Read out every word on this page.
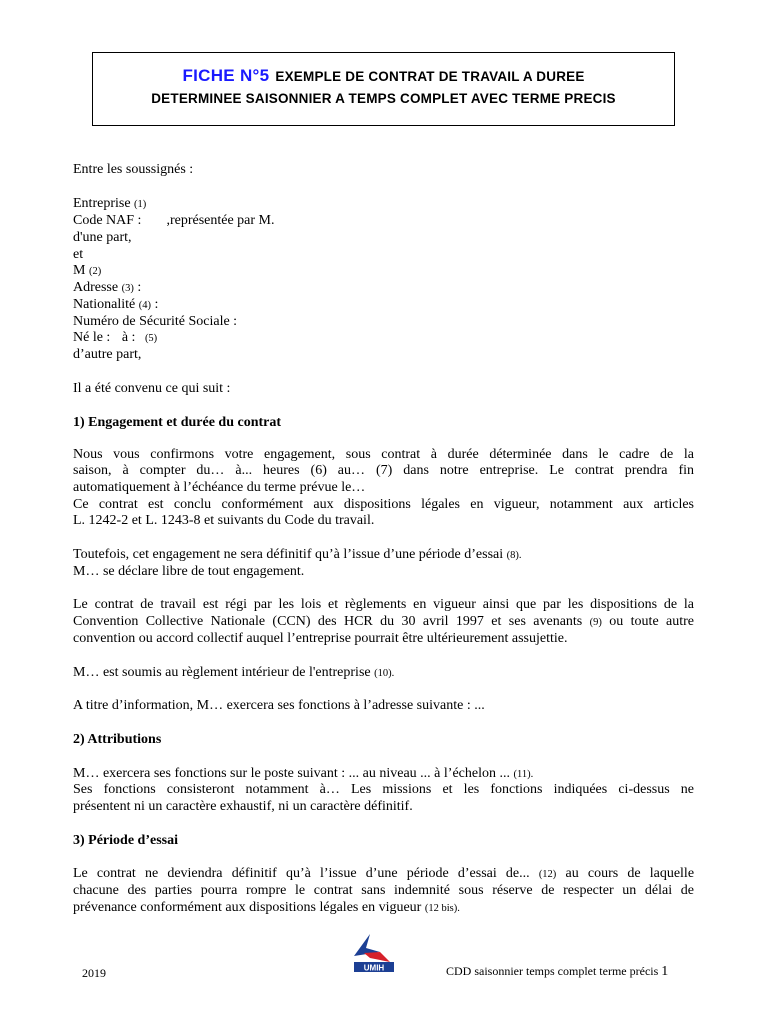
FICHE N°5 EXEMPLE DE CONTRAT DE TRAVAIL A DUREE
DETERMINEE SAISONNIER A TEMPS COMPLET AVEC TERME PRECIS
Entre les soussignés :
Entreprise (1)
Code NAF : ,représentée par M.
d'une part,
et
M (2)
Adresse (3) :
Nationalité (4) :
Numéro de Sécurité Sociale :
Né le : à : (5)
d’autre part,
Il a été convenu ce qui suit :
1) Engagement et durée du contrat
Nous vous confirmons votre engagement, sous contrat à durée déterminée dans le cadre de la
saison, à compter du… à... heures (6) au… (7) dans notre entreprise. Le contrat prendra fin
automatiquement à l’échéance du terme prévue le…
Ce contrat est conclu conformément aux dispositions légales en vigueur, notamment aux articles
L. 1242-2 et L. 1243-8 et suivants du Code du travail.
Toutefois, cet engagement ne sera définitif qu’à l’issue d’une période d’essai (8).
M… se déclare libre de tout engagement.
Le contrat de travail est régi par les lois et règlements en vigueur ainsi que par les dispositions de la
Convention Collective Nationale (CCN) des HCR du 30 avril 1997 et ses avenants (9) ou toute autre
convention ou accord collectif auquel l’entreprise pourrait être ultérieurement assujettie.
M… est soumis au règlement intérieur de l'entreprise (10).
A titre d’information, M… exercera ses fonctions à l’adresse suivante : ...
2) Attributions
M… exercera ses fonctions sur le poste suivant : ... au niveau ... à l’échelon ... (11).
Ses fonctions consisteront notamment à… Les missions et les fonctions indiquées ci-dessus ne
présentent ni un caractère exhaustif, ni un caractère définitif.
3) Période d’essai
Le contrat ne deviendra définitif qu’à l’issue d’une période d’essai de... (12) au cours de laquelle
chacune des parties pourra rompre le contrat sans indemnité sous réserve de respecter un délai de
prévenance conformément aux dispositions légales en vigueur (12 bis).
2019	UMIH	CDD saisonnier temps complet terme précis 1
